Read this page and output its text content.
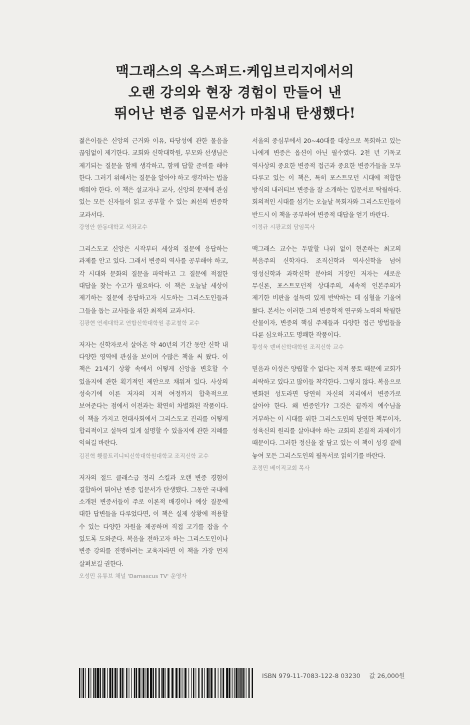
맥그래스의 옥스퍼드·케임브리지에서의
오랜 강의와 현장 경험이 만들어 낸
뛰어난 변증 입문서가 마침내 탄생했다!
젊은이들은 신앙의 근거와 이유, 타당성에 관한 물음을 끊임없이 제기한다. 교회와 신학대학원, 부모와 선생님은 제기되는 질문을 함께 생각하고, 함께 답할 준비를 해야 한다. 그러기 위해서는 질문을 알아야 하고 생각하는 법을 배워야 한다. 이 책은 설교자나 교사, 신앙의 문제에 관심 있는 모든 신자들이 읽고 공부할 수 있는 최선의 변증학 교과서다.
강영안 한동대학교 석좌교수
그리스도교 신앙은 시작부터 세상의 질문에 응답하는 과제를 안고 있다. 그래서 변증의 역사를 공부해야 하고, 각 시대와 문화의 질문을 파악하고 그 질문에 적절한 대답을 찾는 수고가 필요하다. 이 책은 오늘날 세상이 제기하는 질문에 응답하고자 시도하는 그리스도인들과 그들을 돕는 교사들을 위한 최적의 교과서다.
김광현 연세대학교 연합신학대학원 종교철학 교수
저자는 신학자로서 살아온 약 40년의 기간 동안 신학 내 다양한 영역에 관심을 보이며 수많은 책을 써 왔다. 이 책은 21세기 상황 속에서 어떻게 신앙을 변호할 수 있을지에 관한 획기적인 제안으로 채워져 있다. 사상의 성숙기에 이른 저자의 지적 여정까지 합축적으로 보여준다는 점에서 이전과는 확연히 차별화된 작품이다. 이 책을 가지고 현대사회에서 그리스도교 진리를 어떻게 합리적이고 설득력 있게 설명할 수 있을지에 관한 지혜를 익혀길 바란다.
김진혁 횃불트리니티신학대학원대학교 조직신학 교수
저자의 절드 클래스급 정리 스킬과 오랜 변증 경험이 결합하여 뛰어난 변증 입문서가 탄생했다. 그동안 국내에 소개된 변증서들이 주로 이론적 배경이나 예상 질문에 대한 답변들을 다루었다면, 이 책은 실제 상황에 적용할 수 있는 다양한 자원을 제공하며 직접 고기를 잡을 수 있도록 도와준다. 복음을 전하고자 하는 그리스도인이나 변증 강의를 진행하려는 교육자라면 이 책을 가장 먼저 살펴보길 권한다.
오성민 유튜브 채널 'Damascus TV' 운영자
서울의 중심부에서 20~40대를 대상으로 목회하고 있는 나에게 변증은 옵션이 아닌 필수였다. 2천 년 기독교 역사상의 중요한 변증적 접근과 중요한 변증가들을 모두 다루고 있는 이 책은, 특히 포스트모던 시대에 적합한 방식의 내러티브 변증을 잘 소개하는 입문서로 탁월하다. 회의적인 시대를 섬기는 오늘날 목회자와 그리스도인들이 반드시 이 책을 공부하여 변증적 대답을 얻기 바란다.
이정규 시광교회 담임목사
맥그래스 교수는 두말할 나위 없이 현존하는 최고의 복음주의 신학자다. 조직신학과 역사신학을 넘어 영성신학과 과학신학 분야의 거장인 저자는 새로운 무신론, 포스트모던적 상대주의, 세속적 인본주의가 제기한 비판을 설득력 있게 반박하는 데 심혈을 기울여 왔다. 본서는 이러한 그의 변증학적 연구와 노력의 탁월한 산물이자, 변증의 핵심 주제들과 다양한 접근 방법들을 다룬 심오하고도 명쾌한 작품이다.
황성욱 덴버신학대학원 조직신학 교수
믿음과 이성은 양립할 수 없다는 지적 풍토 때문에 교회가 쇠락하고 있다고 많이들 착각한다. 그렇지 않다. 복음으로 변화된 성도라면 당연히 자신의 지리에서 변증가로 살아야 한다. 왜 변증인가? 그것은 끝까지 예수님을 거부하는 이 시대를 위한 그리스도인의 당연한 책무이자, 성육신의 원리를 살아내야 하는 교회의 본질적 과제이기 때문이다. 그러한 정신을 잘 담고 있는 이 책이 성경 곁에 놓여 모든 그리스도인의 필독서로 읽히기를 바란다.
조정민 베이직교회 목사
ISBN 979-11-7083-122-8 03230 값 26,000원
